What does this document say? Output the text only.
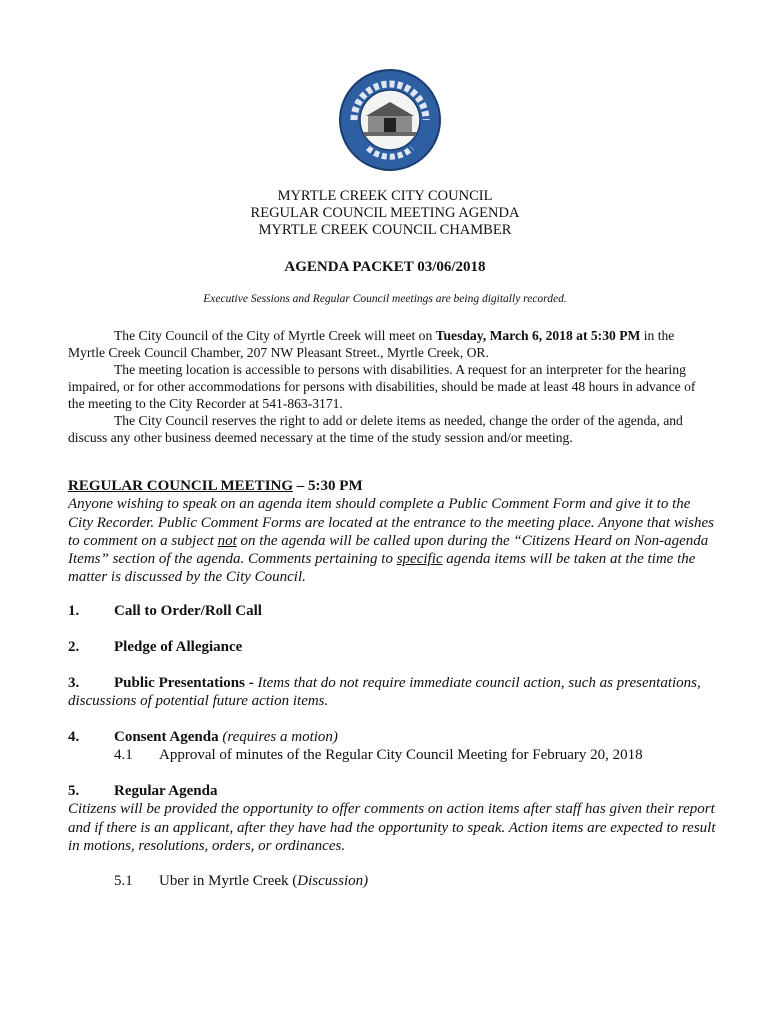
MYRTLE CREEK CITY COUNCIL
REGULAR COUNCIL MEETING AGENDA
MYRTLE CREEK COUNCIL CHAMBER
AGENDA PACKET 03/06/2018
Executive Sessions and Regular Council meetings are being digitally recorded.

The City Council of the City of Myrtle Creek will meet on Tuesday, March 6, 2018 at 5:30 PM in the Myrtle Creek Council Chamber, 207 NW Pleasant Street., Myrtle Creek, OR.

The meeting location is accessible to persons with disabilities. A request for an interpreter for the hearing impaired, or for other accommodations for persons with disabilities, should be made at least 48 hours in advance of the meeting to the City Recorder at 541-863-3171.

The City Council reserves the right to add or delete items as needed, change the order of the agenda, and discuss any other business deemed necessary at the time of the study session and/or meeting.

REGULAR COUNCIL MEETING – 5:30 PM
Anyone wishing to speak on an agenda item should complete a Public Comment Form and give it to the City Recorder. Public Comment Forms are located at the entrance to the meeting place. Anyone that wishes to comment on a subject not on the agenda will be called upon during the “Citizens Heard on Non-agenda Items” section of the agenda. Comments pertaining to specific agenda items will be taken at the time the matter is discussed by the City Council.
1. Call to Order/Roll Call
2. Pledge of Allegiance
3. Public Presentations - Items that do not require immediate council action, such as presentations, discussions of potential future action items.
4. Consent Agenda (requires a motion)
4.1 Approval of minutes of the Regular City Council Meeting for February 20, 2018
5. Regular Agenda
Citizens will be provided the opportunity to offer comments on action items after staff has given their report and if there is an applicant, after they have had the opportunity to speak. Action items are expected to result in motions, resolutions, orders, or ordinances.
5.1 Uber in Myrtle Creek (Discussion)
